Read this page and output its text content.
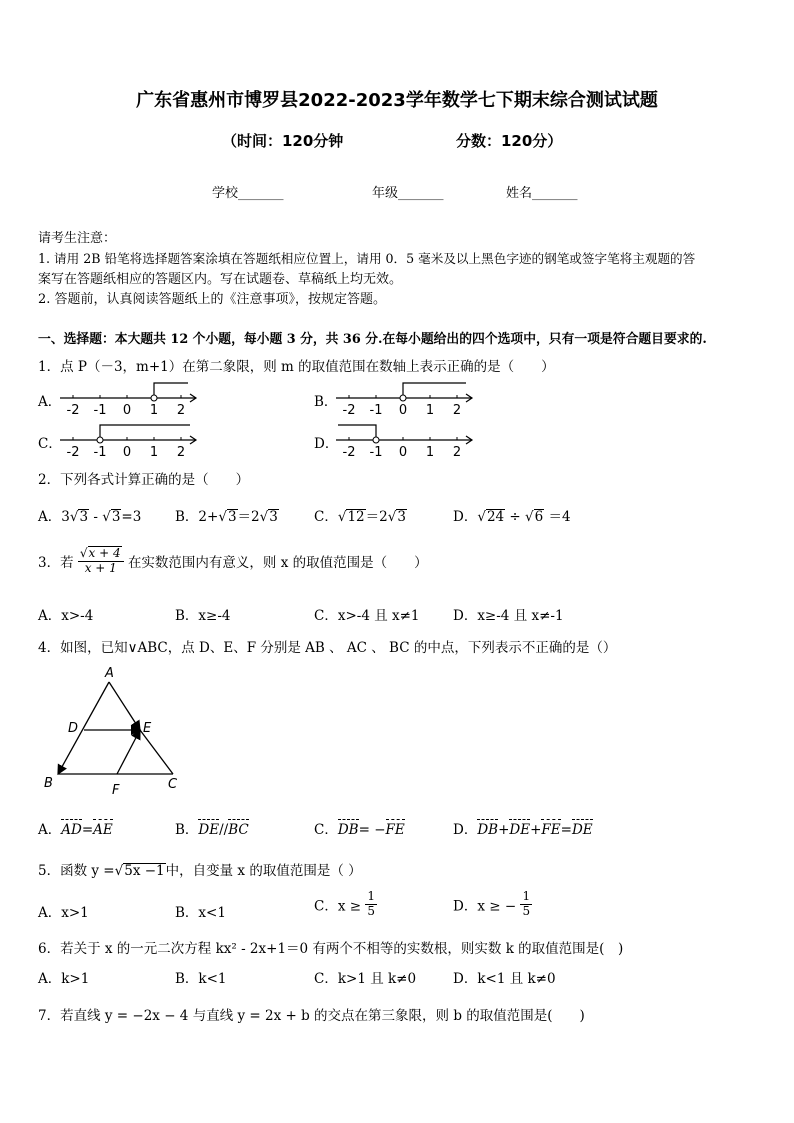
广东省惠州市博罗县2022-2023学年数学七下期末综合测试试题
（时间：120分钟	分数：120分）
学校_______	年级_______	姓名_______
请考生注意：
1. 请用 2B 铅笔将选择题答案涂填在答题纸相应位置上，请用 0．5 毫米及以上黑色字迹的钢笔或签字笔将主观题的答
案写在答题纸相应的答题区内。写在试题卷、草稿纸上均无效。
2. 答题前，认真阅读答题纸上的《注意事项》，按规定答题。
一、选择题：本大题共 12 个小题，每小题 3 分，共 36 分.在每小题给出的四个选项中，只有一项是符合题目要求的.
1．点 P（－3，m+1）在第二象限，则 m 的取值范围在数轴上表示正确的是（　　）
A．
-2 -1 0 1 2
B．
-2 -1 0 1 2
C．
-2 -1 0 1 2
D．
-2 -1 0 1 2
2．下列各式计算正确的是（　　）
A．3√3 - √3=3 B．2+√3＝2√3	C．√12＝2√3	D．√24 ÷ √6 ＝4
3．若 $\frac{√x + 4}{x + 1}$ 在实数范围内有意义，则 x 的取值范围是（　　）
A．x>-4	B．x≥-4	C．x>-4 且 x≠1 D．x≥-4 且 x≠-1
4．如图，已知∨ABC，点 D、E、F 分别是 AB 、 AC 、 BC 的中点，下列表示不正确的是（）
A
B	C
D	E
F
A．AD=AE	B．DE//BC	C．DB= −FE	D．DB+DE+FE=DE
5．函数 y =√5x −1中，自变量 x 的取值范围是（ ）
A．x>1	B．x<1	C．$x \ge \frac{1}{5}$	D．x ≥ − $\frac{1}{5}$
6．若关于 x 的一元二次方程 kx² - 2x+1＝0 有两个不相等的实数根，则实数 k 的取值范围是(　)
A．k>1	B．k<1	C．k>1 且 k≠0	D．k<1 且 k≠0
7．若直线 y = −2x − 4 与直线 y = 2x + b 的交点在第三象限，则 b 的取值范围是(　　)
